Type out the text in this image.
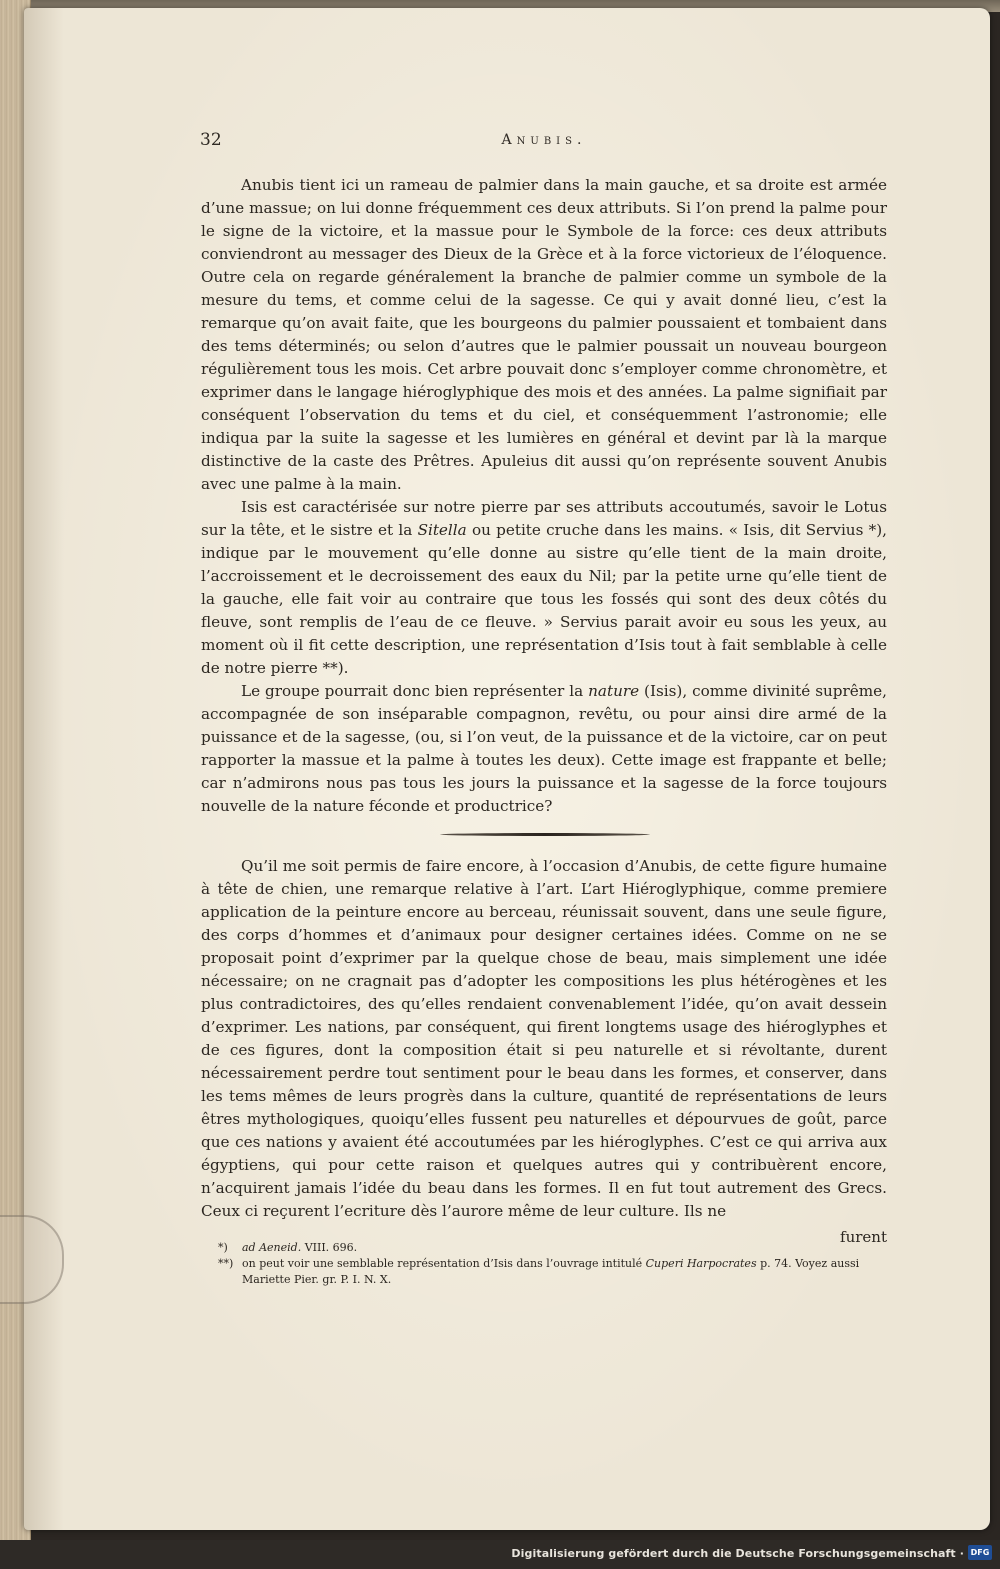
32	Anubis.

Anubis tient ici un rameau de palmier dans la main gauche, et sa droite est armée d’une massue; on lui donne fréquemment ces deux attributs. Si l’on prend la palme pour le signe de la victoire, et la massue pour le Symbole de la force: ces deux attributs conviendront au messager des Dieux de la Grèce et à la force victorieux de l’éloquence. Outre cela on regarde généralement la branche de palmier comme un symbole de la mesure du tems, et comme celui de la sagesse. Ce qui y avait donné lieu, c’est la remarque qu’on avait faite, que les bourgeons du palmier poussaient et tombaient dans des tems déterminés; ou selon d’autres que le palmier poussait un nouveau bourgeon régulièrement tous les mois. Cet arbre pouvait donc s’employer comme chronomètre, et exprimer dans le langage hiéroglyphique des mois et des années. La palme signifiait par conséquent l’observation du tems et du ciel, et conséquemment l’astronomie; elle indiqua par la suite la sagesse et les lumières en général et devint par là la marque distinctive de la caste des Prêtres. Apuleius dit aussi qu’on représente souvent Anubis avec une palme à la main.

Isis est caractérisée sur notre pierre par ses attributs accoutumés, savoir le Lotus sur la tête, et le sistre et la Sitella ou petite cruche dans les mains. « Isis, dit Servius *), indique par le mouvement qu’elle donne au sistre qu’elle tient de la main droite, l’accroissement et le decroissement des eaux du Nil; par la petite urne qu’elle tient de la gauche, elle fait voir au contraire que tous les fossés qui sont des deux côtés du fleuve, sont remplis de l’eau de ce fleuve. » Servius parait avoir eu sous les yeux, au moment où il fit cette description, une représentation d’Isis tout à fait semblable à celle de notre pierre **).

Le groupe pourrait donc bien représenter la nature (Isis), comme divinité suprême, accompagnée de son inséparable compagnon, revêtu, ou pour ainsi dire armé de la puissance et de la sagesse, (ou, si l’on veut, de la puissance et de la victoire, car on peut rapporter la massue et la palme à toutes les deux). Cette image est frappante et belle; car n’admirons nous pas tous les jours la puissance et la sagesse de la force toujours nouvelle de la nature féconde et productrice?

Qu’il me soit permis de faire encore, à l’occasion d’Anubis, de cette figure humaine à tête de chien, une remarque relative à l’art. L’art Hiéroglyphique, comme premiere application de la peinture encore au berceau, réunissait souvent, dans une seule figure, des corps d’hommes et d’animaux pour designer certaines idées. Comme on ne se proposait point d’exprimer par la quelque chose de beau, mais simplement une idée nécessaire; on ne cragnait pas d’adopter les compositions les plus hétérogènes et les plus contradictoires, des qu’elles rendaient convenablement l’idée, qu’on avait dessein d’exprimer. Les nations, par conséquent, qui firent longtems usage des hiéroglyphes et de ces figures, dont la composition était si peu naturelle et si révoltante, durent nécessairement perdre tout sentiment pour le beau dans les formes, et conserver, dans les tems mêmes de leurs progrès dans la culture, quantité de représentations de leurs êtres mythologiques, quoiqu’elles fussent peu naturelles et dépourvues de goût, parce que ces nations y avaient été accoutumées par les hiéroglyphes. C’est ce qui arriva aux égyptiens, qui pour cette raison et quelques autres qui y contribuèrent encore, n’acquirent jamais l’idée du beau dans les formes. Il en fut tout autrement des Grecs. Ceux ci reçurent l’ecriture dès l’aurore même de leur culture. Ils ne

furent

*) ad Aeneid. VIII. 696.

**) on peut voir une semblable représentation d’Isis dans l’ouvrage intitulé Cuperi Harpocrates p. 74. Voyez aussi Mariette Pier. gr. P. I. N. X.

Digitalisierung gefördert durch die Deutsche Forschungsgemeinschaft · DFG
